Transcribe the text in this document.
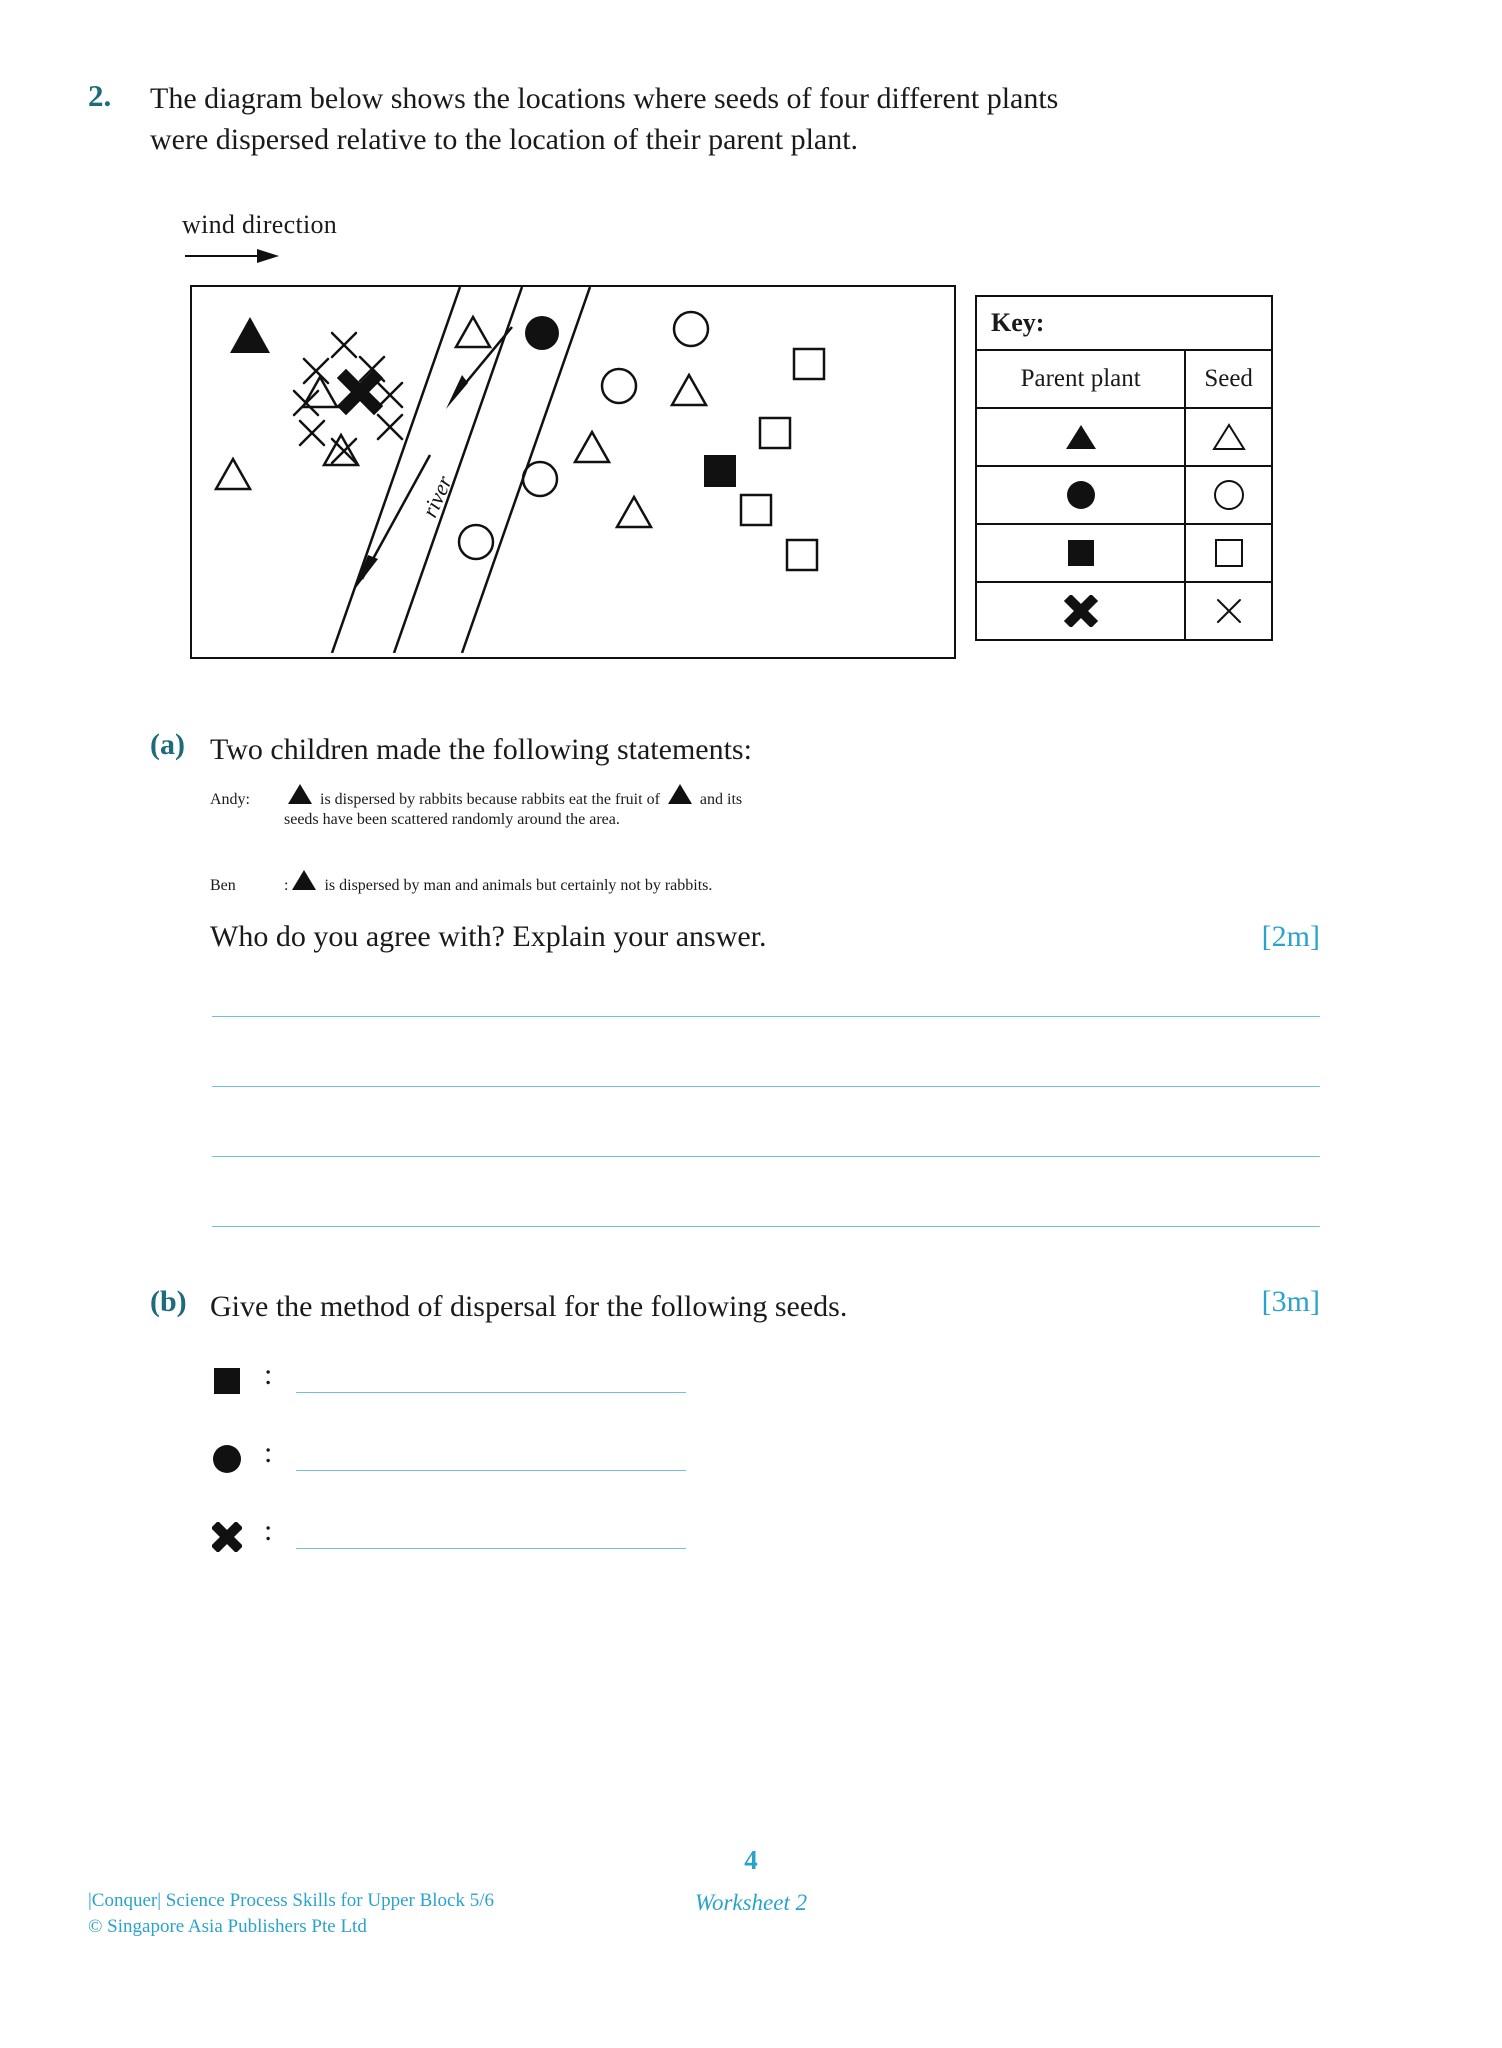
2.	The diagram below shows the locations where seeds of four different plants
were dispersed relative to the location of their parent plant.
wind direction
river
Key:	
Parent plant	Seed

(a) Two children made the following statements:
Andy:	is dispersed by rabbits because rabbits eat the fruit of	and its
seeds have been scattered randomly around the area.
Ben	: is dispersed by man and animals but certainly not by rabbits.
Who do you agree with? Explain your answer.	[2m]
(b) Give the method of dispersal for the following seeds.	[3m]
:
:
:
4
|Conquer| Science Process Skills for Upper Block 5/6
© Singapore Asia Publishers Pte Ltd
Worksheet 2
